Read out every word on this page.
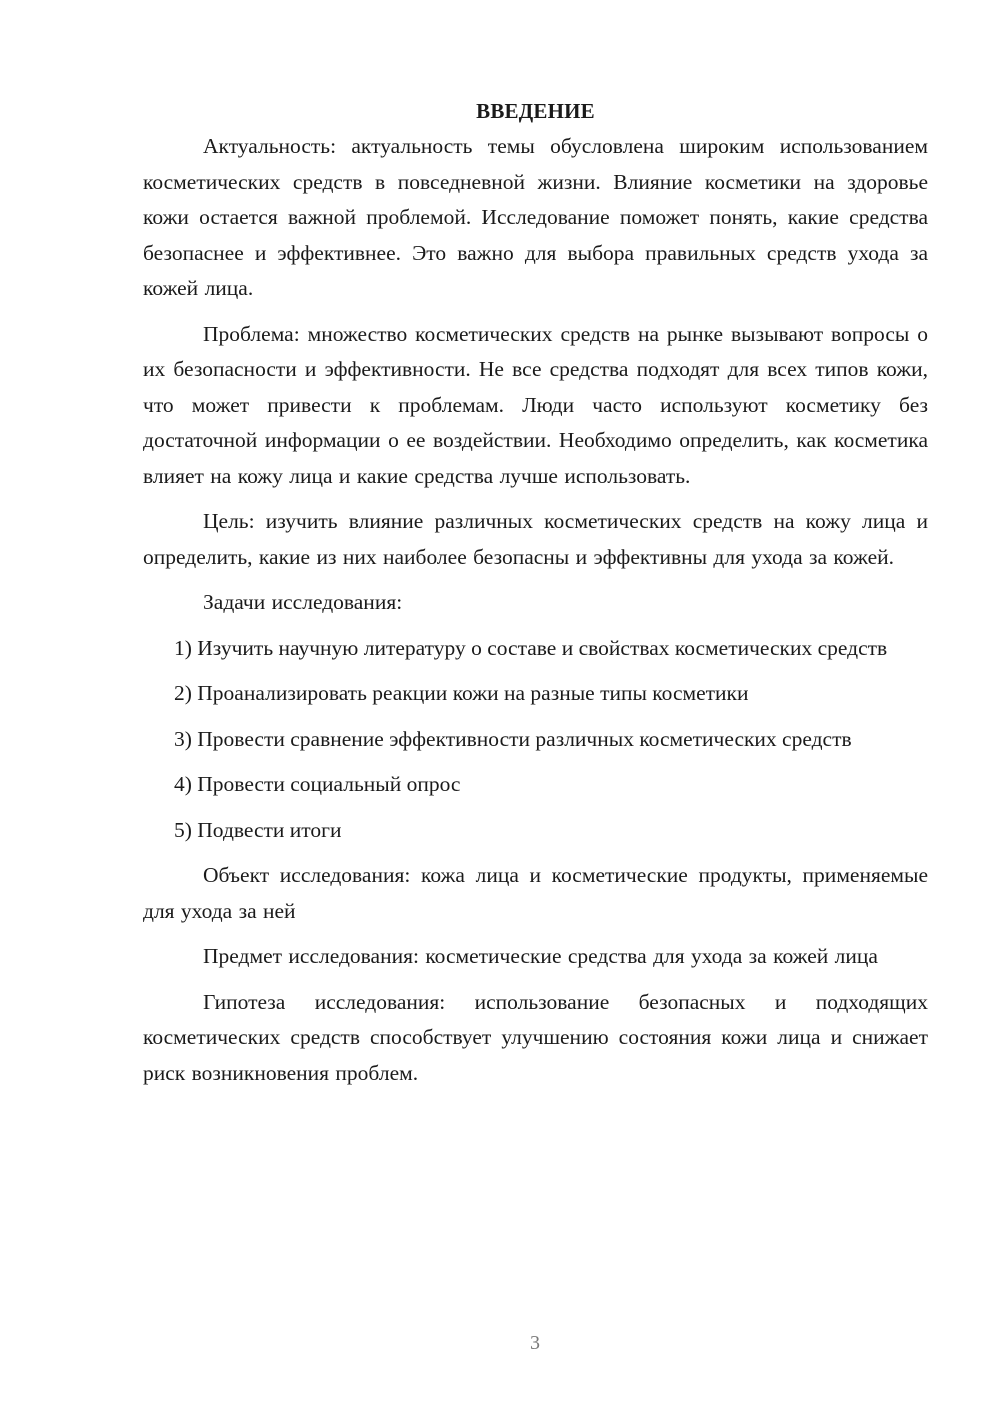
ВВЕДЕНИЕ

Актуальность: актуальность темы обусловлена широким использованием косметических средств в повседневной жизни. Влияние косметики на здоровье кожи остается важной проблемой. Исследование поможет понять, какие средства безопаснее и эффективнее. Это важно для выбора правильных средств ухода за кожей лица.

Проблема: множество косметических средств на рынке вызывают вопросы о их безопасности и эффективности. Не все средства подходят для всех типов кожи, что может привести к проблемам. Люди часто используют косметику без достаточной информации о ее воздействии. Необходимо определить, как косметика влияет на кожу лица и какие средства лучше использовать.

Цель: изучить влияние различных косметических средств на кожу лица и определить, какие из них наиболее безопасны и эффективны для ухода за кожей.

Задачи исследования:

1) Изучить научную литературу о составе и свойствах косметических средств

2) Проанализировать реакции кожи на разные типы косметики

3) Провести сравнение эффективности различных косметических средств

4) Провести социальный опрос

5) Подвести итоги

Объект исследования: кожа лица и косметические продукты, применяемые для ухода за ней

Предмет исследования: косметические средства для ухода за кожей лица

Гипотеза исследования: использование безопасных и подходящих косметических средств способствует улучшению состояния кожи лица и снижает риск возникновения проблем.

3
